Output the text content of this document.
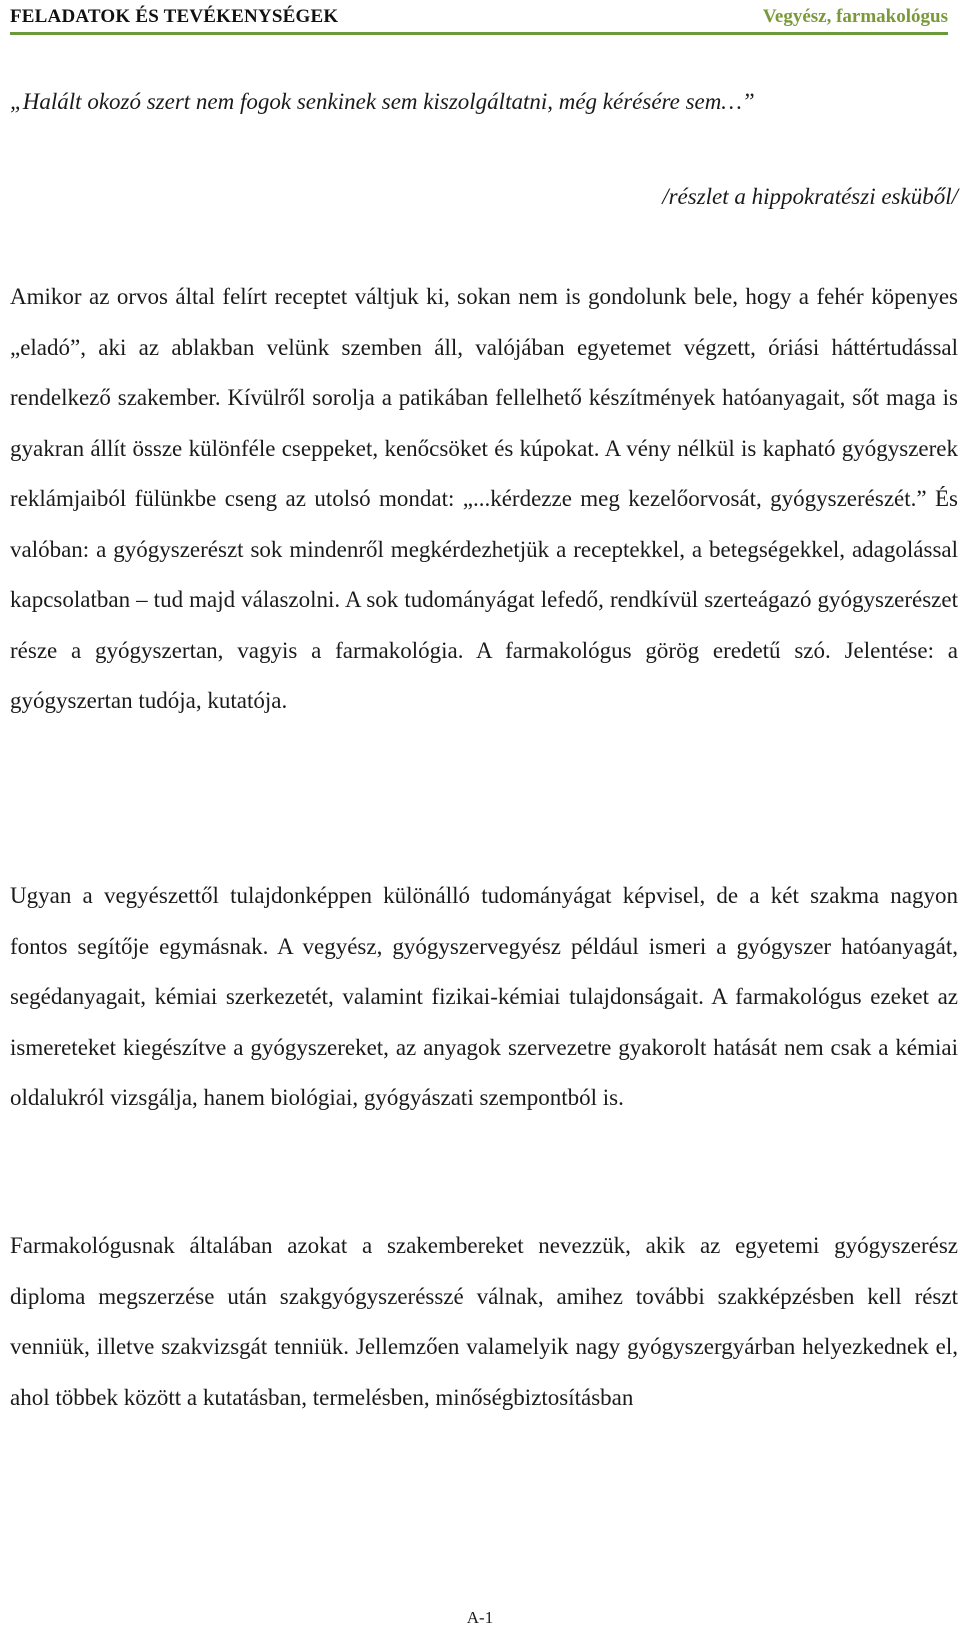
FELADATOK ÉS TEVÉKENYSÉGEK	Vegyész, farmakológus
„Halált okozó szert nem fogok senkinek sem kiszolgáltatni, még kérésére sem…”
/részlet a hippokratészi esküből/

Amikor az orvos által felírt receptet váltjuk ki, sokan nem is gondolunk bele, hogy a fehér köpenyes „eladó”, aki az ablakban velünk szemben áll, valójában egyetemet végzett, óriási háttértudással rendelkező szakember. Kívülről sorolja a patikában fellelhető készítmények hatóanyagait, sőt maga is gyakran állít össze különféle cseppeket, kenőcsöket és kúpokat. A vény nélkül is kapható gyógyszerek reklámjaiból fülünkbe cseng az utolsó mondat: „...kérdezze meg kezelőorvosát, gyógyszerészét.” És valóban: a gyógyszerészt sok mindenről megkérdezhetjük a receptekkel, a betegségekkel, adagolással kapcsolatban – tud majd válaszolni. A sok tudományágat lefedő, rendkívül szerteágazó gyógyszerészet része a gyógyszertan, vagyis a farmakológia. A farmakológus görög eredetű szó. Jelentése: a gyógyszertan tudója, kutatója.

Ugyan a vegyészettől tulajdonképpen különálló tudományágat képvisel, de a két szakma nagyon fontos segítője egymásnak. A vegyész, gyógyszervegyész például ismeri a gyógyszer hatóanyagát, segédanyagait, kémiai szerkezetét, valamint fizikai-kémiai tulajdonságait. A farmakológus ezeket az ismereteket kiegészítve a gyógyszereket, az anyagok szervezetre gyakorolt hatását nem csak a kémiai oldalukról vizsgálja, hanem biológiai, gyógyászati szempontból is.

Farmakológusnak általában azokat a szakembereket nevezzük, akik az egyetemi gyógyszerész diploma megszerzése után szakgyógyszerésszé válnak, amihez további szakképzésben kell részt venniük, illetve szakvizsgát tenniük. Jellemzően valamelyik nagy gyógyszergyárban helyezkednek el, ahol többek között a kutatásban, termelésben, minőségbiztosításban

A-1
